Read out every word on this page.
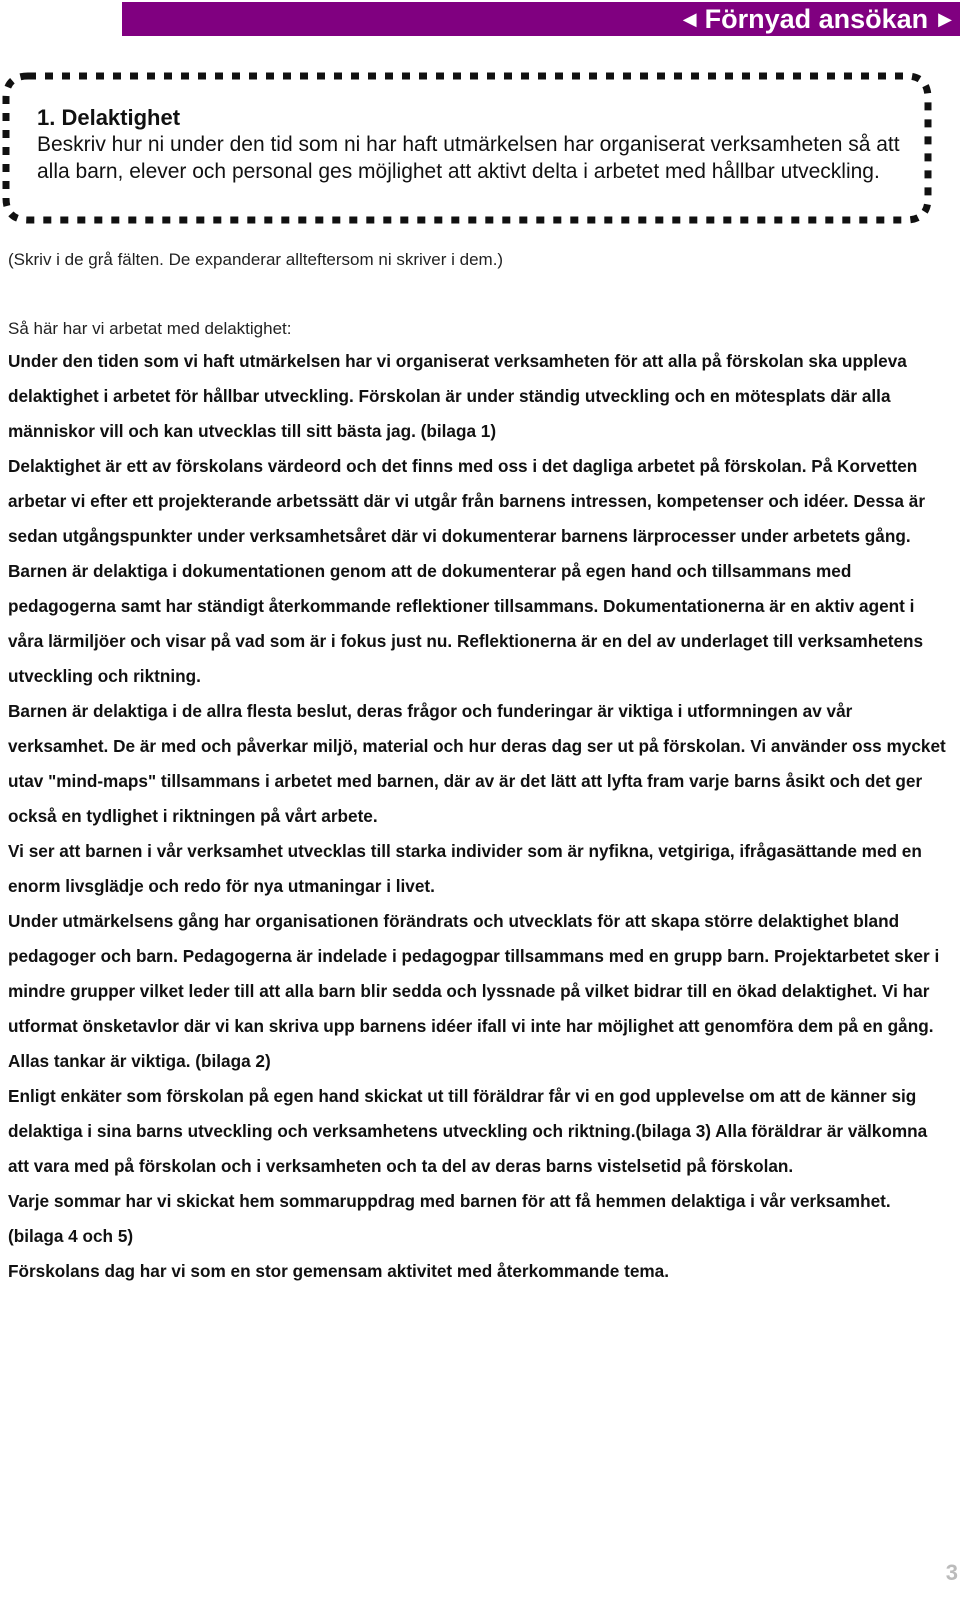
◀ Förnyad ansökan ▶
1. Delaktighet
Beskriv hur ni under den tid som ni har haft utmärkelsen har organiserat verksamheten så att alla barn, elever och personal ges möjlighet att aktivt delta i arbetet med hållbar utveckling.
(Skriv i de grå fälten. De expanderar allteftersom ni skriver i dem.)
Så här har vi arbetat med delaktighet:

Under den tiden som vi haft utmärkelsen har vi organiserat verksamheten för att alla på förskolan ska uppleva delaktighet i arbetet för hållbar utveckling. Förskolan är under ständig utveckling och en mötesplats där alla människor vill och kan utvecklas till sitt bästa jag. (bilaga 1)

Delaktighet är ett av förskolans värdeord och det finns med oss i det dagliga arbetet på förskolan. På Korvetten arbetar vi efter ett projekterande arbetssätt där vi utgår från barnens intressen, kompetenser och idéer. Dessa är sedan utgångspunkter under verksamhetsåret där vi dokumenterar barnens lärprocesser under arbetets gång.

Barnen är delaktiga i dokumentationen genom att de dokumenterar på egen hand och tillsammans med pedagogerna samt har ständigt återkommande reflektioner tillsammans. Dokumentationerna är en aktiv agent i våra lärmiljöer och visar på vad som är i fokus just nu. Reflektionerna är en del av underlaget till verksamhetens utveckling och riktning.

Barnen är delaktiga i de allra flesta beslut, deras frågor och funderingar är viktiga i utformningen av vår verksamhet. De är med och påverkar miljö, material och hur deras dag ser ut på förskolan. Vi använder oss mycket utav "mind-maps" tillsammans i arbetet med barnen, där av är det lätt att lyfta fram varje barns åsikt och det ger också en tydlighet i riktningen på vårt arbete.

Vi ser att barnen i vår verksamhet utvecklas till starka individer som är nyfikna, vetgiriga, ifrågasättande med en enorm livsglädje och redo för nya utmaningar i livet.

Under utmärkelsens gång har organisationen förändrats och utvecklats för att skapa större delaktighet bland pedagoger och barn. Pedagogerna är indelade i pedagogpar tillsammans med en grupp barn. Projektarbetet sker i mindre grupper vilket leder till att alla barn blir sedda och lyssnade på vilket bidrar till en ökad delaktighet. Vi har utformat önsketavlor där vi kan skriva upp barnens idéer ifall vi inte har möjlighet att genomföra dem på en gång. Allas tankar är viktiga. (bilaga 2)

Enligt enkäter som förskolan på egen hand skickat ut till föräldrar får vi en god upplevelse om att de känner sig delaktiga i sina barns utveckling och verksamhetens utveckling och riktning.(bilaga 3) Alla föräldrar är välkomna att vara med på förskolan och i verksamheten och ta del av deras barns vistelsetid på förskolan.

Varje sommar har vi skickat hem sommaruppdrag med barnen för att få hemmen delaktiga i vår verksamhet. (bilaga 4 och 5)

Förskolans dag har vi som en stor gemensam aktivitet med återkommande tema.

3
